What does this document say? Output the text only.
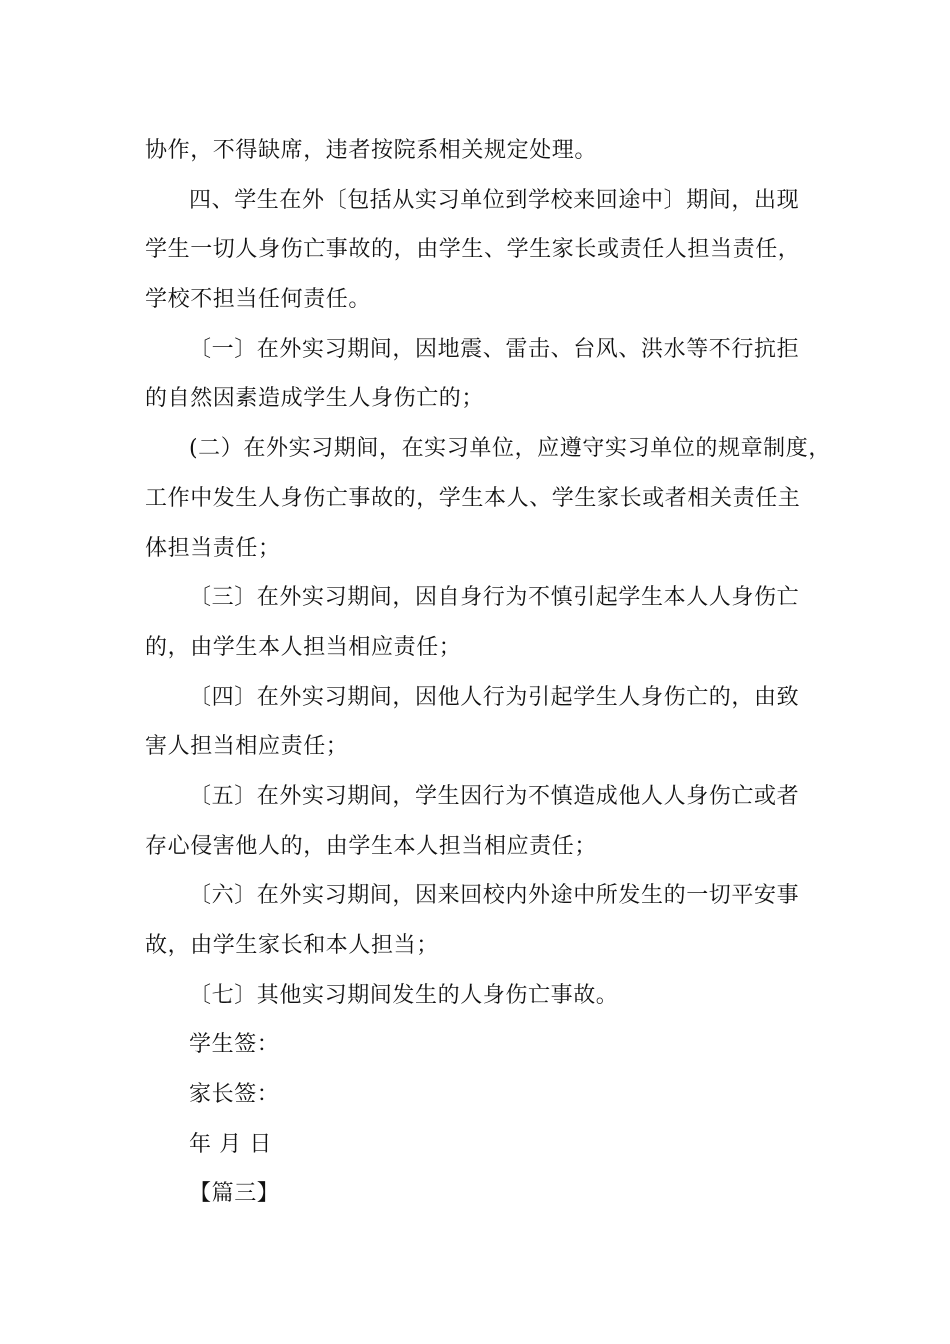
协作，不得缺席，违者按院系相关规定处理。
四、学生在外〔包括从实习单位到学校来回途中〕期间，出现
学生一切人身伤亡事故的，由学生、学生家长或责任人担当责任，
学校不担当任何责任。
〔一〕在外实习期间，因地震、雷击、台风、洪水等不行抗拒
的自然因素造成学生人身伤亡的；
(二）在外实习期间，在实习单位，应遵守实习单位的规章制度，
工作中发生人身伤亡事故的，学生本人、学生家长或者相关责任主
体担当责任；
〔三〕在外实习期间，因自身行为不慎引起学生本人人身伤亡
的，由学生本人担当相应责任；
〔四〕在外实习期间，因他人行为引起学生人身伤亡的，由致
害人担当相应责任；
〔五〕在外实习期间，学生因行为不慎造成他人人身伤亡或者
存心侵害他人的，由学生本人担当相应责任；
〔六〕在外实习期间，因来回校内外途中所发生的一切平安事
故，由学生家长和本人担当；
〔七〕其他实习期间发生的人身伤亡事故。
学生签：
家长签：
年 月 日
【篇三】
